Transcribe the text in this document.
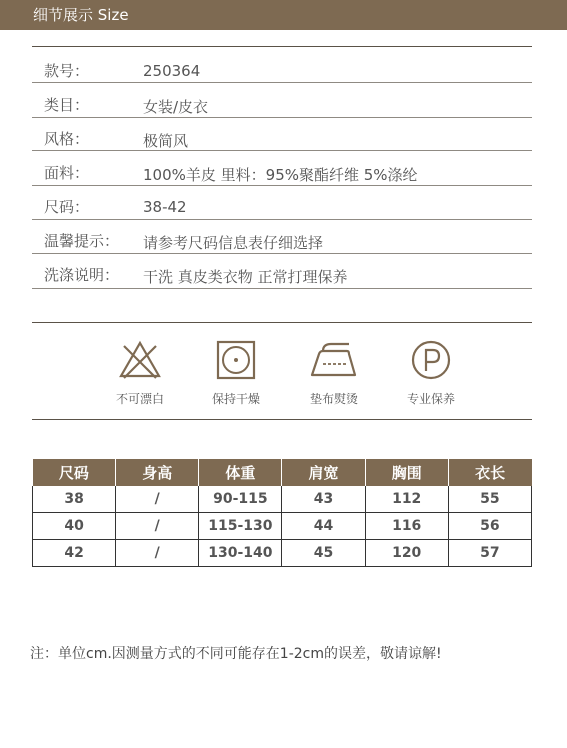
细节展示 Size
款号：	250364
类目：	女装/皮衣
风格：	极简风
面料：	100%羊皮 里料：95%聚酯纤维 5%涤纶
尺码：	38-42
温馨提示： 请参考尺码信息表仔细选择
洗涤说明： 干洗 真皮类衣物 正常打理保养
不可漂白	保持干燥	垫布熨烫	专业保养
尺码	身高	体重	肩宽	胸围	衣长
38	/	90-115	43	112	55
40	/	115-130	44	116	56
42	/	130-140	45	120	57
注：单位cm.因测量方式的不同可能存在1-2cm的误差，敬请谅解!
